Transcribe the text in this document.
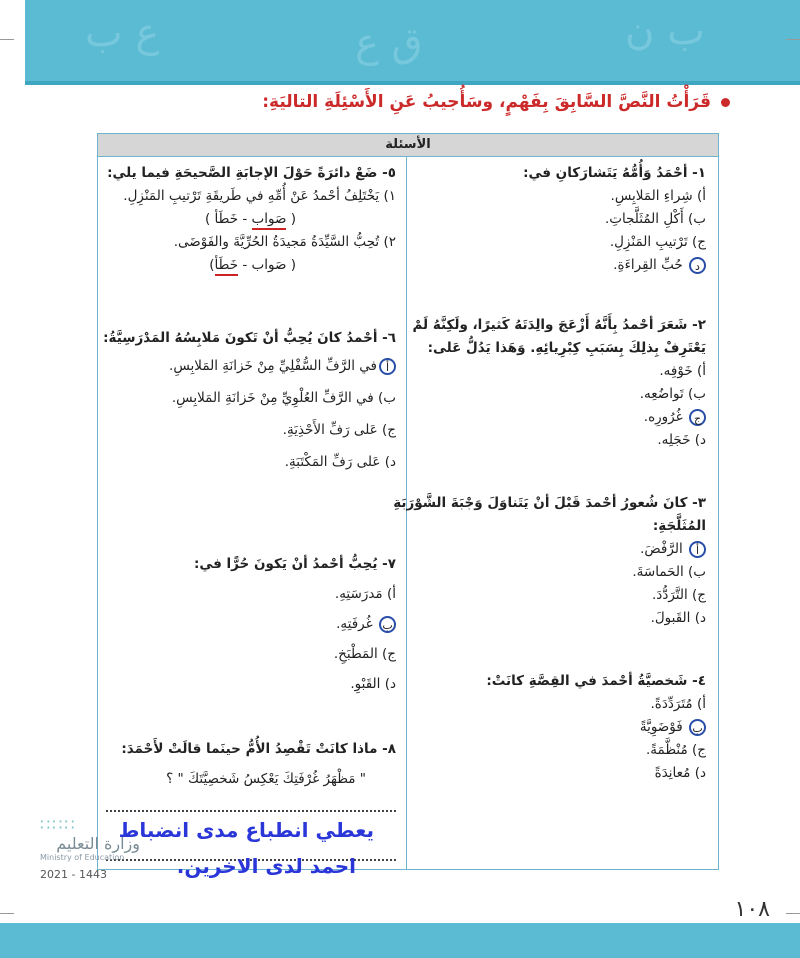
ع ب	ق ع	ب ن
قَرَأْتُ النَّصَّ السَّابِقَ بِفَهْمٍ، وسَأُجيبُ عَنِ الأَسْئِلَةِ التاليَةِ:
الأسئلة
١- أحْمَدُ وَأُمُّهُ يَتَشارَكانِ في:
أ) شِراءِ المَلابِسِ.
ب) أَكْلِ المُثَلَّجاتِ.
ج) تَرْتيبِ المَنْزِلِ.
د حُبِّ القِراءَةِ.
٢- شَعَرَ أحْمدُ بِأَنَّهُ أَزْعَجَ والِدَتَهُ كَثيرًا، ولَكِنَّهُ لَمْ
يَعْتَرِفْ بِذلِكَ بِسَبَبِ كِبْرِيائِهِ. وَهَذا يَدُلُّ عَلى:
أ) خَوْفِه.
ب) تَواضُعِه.
ج غُرُورِه.
د) خَجَلِه.
٣- كانَ شُعورُ أحْمدَ قَبْلَ أنْ يَتَناوَلَ وَجْبَةَ الشَّوْرَبَةِ
المُثَلَّجَةِ:
أ الرَّفْضَ.
ب) الحَماسَةَ.
ج) التَّرَدُّدَ.
د) القَبولَ.
٤- شَخصيَّةُ أحْمدَ في القِصَّةِ كانَتْ:
أ) مُتَرَدِّدَةً.
ب فَوْضَوِيَّةً
ج) مُنْظَّمَةً.
د) مُعانِدَةً
٥- ضَعْ دائرَةً حَوْلَ الإجابَةِ الصَّحيحَةِ فيما يلي:
١) يَخْتَلِفُ أحْمدُ عَنْ أُمِّهِ في طَريقَةِ تَرْتيبِ المَنْزِلِ.
( صَواب - خَطَأ )
٢) تُحِبُّ السَّيِّدَةُ مَجيدَةُ الحُرِّيَّةَ والفَوْضَى.
( صَواب - خَطَأ)
٦- أحْمدُ كانَ يُحِبُّ أنْ تَكونَ مَلابِسُهُ المَدْرَسِيَّةُ:
أفي الرَّفِّ السُّفْلِيِّ مِنْ خَزانَةِ المَلابِسِ.
ب) في الرَّفِّ العُلْوِيِّ مِنْ خَزانَةِ المَلابِسِ.
ج) عَلى رَفِّ الأَحْذِيَةِ.
د) عَلى رَفِّ المَكْتَبَةِ.
٧- يُحِبُّ أحْمدُ أنْ يَكونَ حُرًّا في:
أ) مَدرَسَتِهِ.
ب غُرفَتِهِ.
ج) المَطْبَخِ.
د) القَبْوِ.
٨- ماذا كانَتْ تَقْصِدُ الأُمُّ حينَما قالَتْ لأَحْمَدَ:
" مَظْهَرُ غُرْفَتِكَ يَعْكِسُ شَخصِيَّتَكَ " ؟
يعطي انطباع مدى انضباط
احمد لدى الاخرين.
∷∷∷
وزارة التعليم
Ministry of Education
2021 - 1443
١٠٨
